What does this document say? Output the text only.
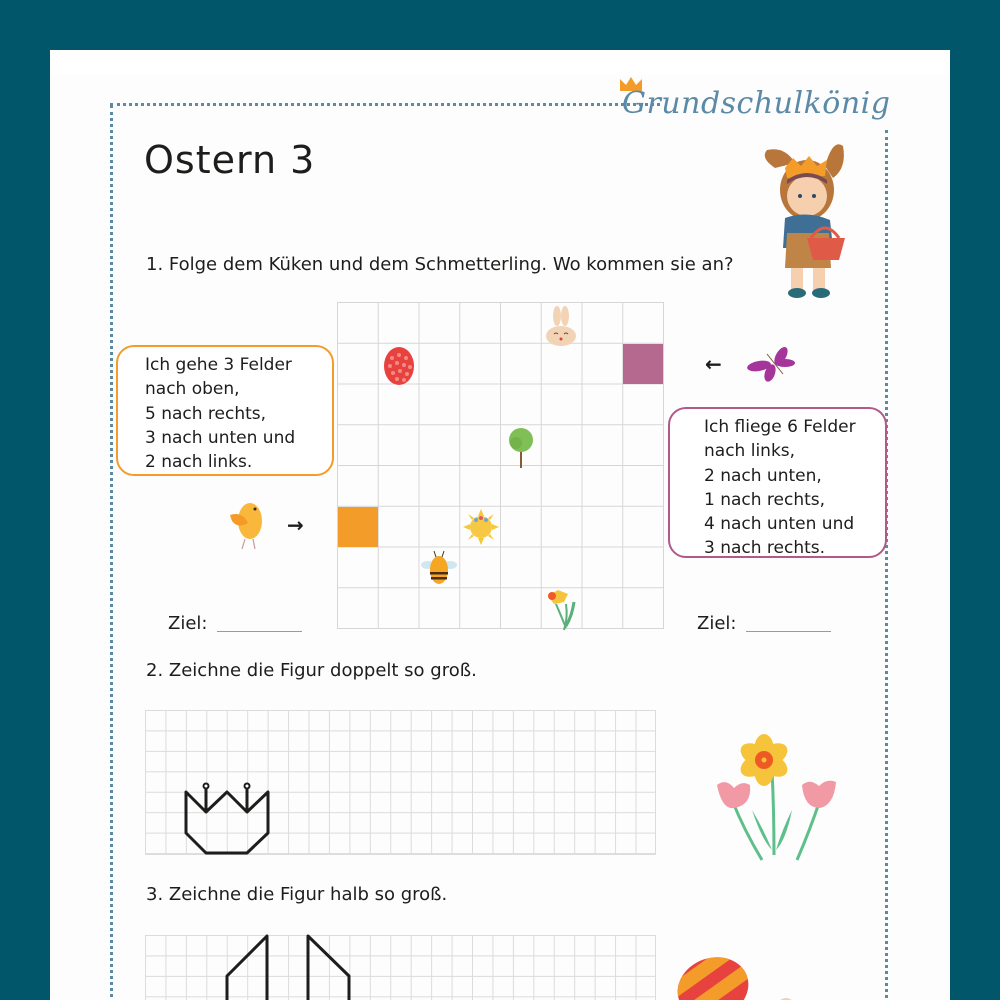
Grundschulkönig
Ostern 3
1. Folge dem Küken und dem Schmetterling. Wo kommen sie an?
Ich gehe 3 Felder
nach oben,
5 nach rechts,
3 nach unten und
2 nach links.
Ich fliege 6 Felder
nach links,
2 nach unten,
1 nach rechts,
4 nach unten und
3 nach rechts.
→
←
Ziel:	Ziel:
2. Zeichne die Figur doppelt so groß.
3. Zeichne die Figur halb so groß.
